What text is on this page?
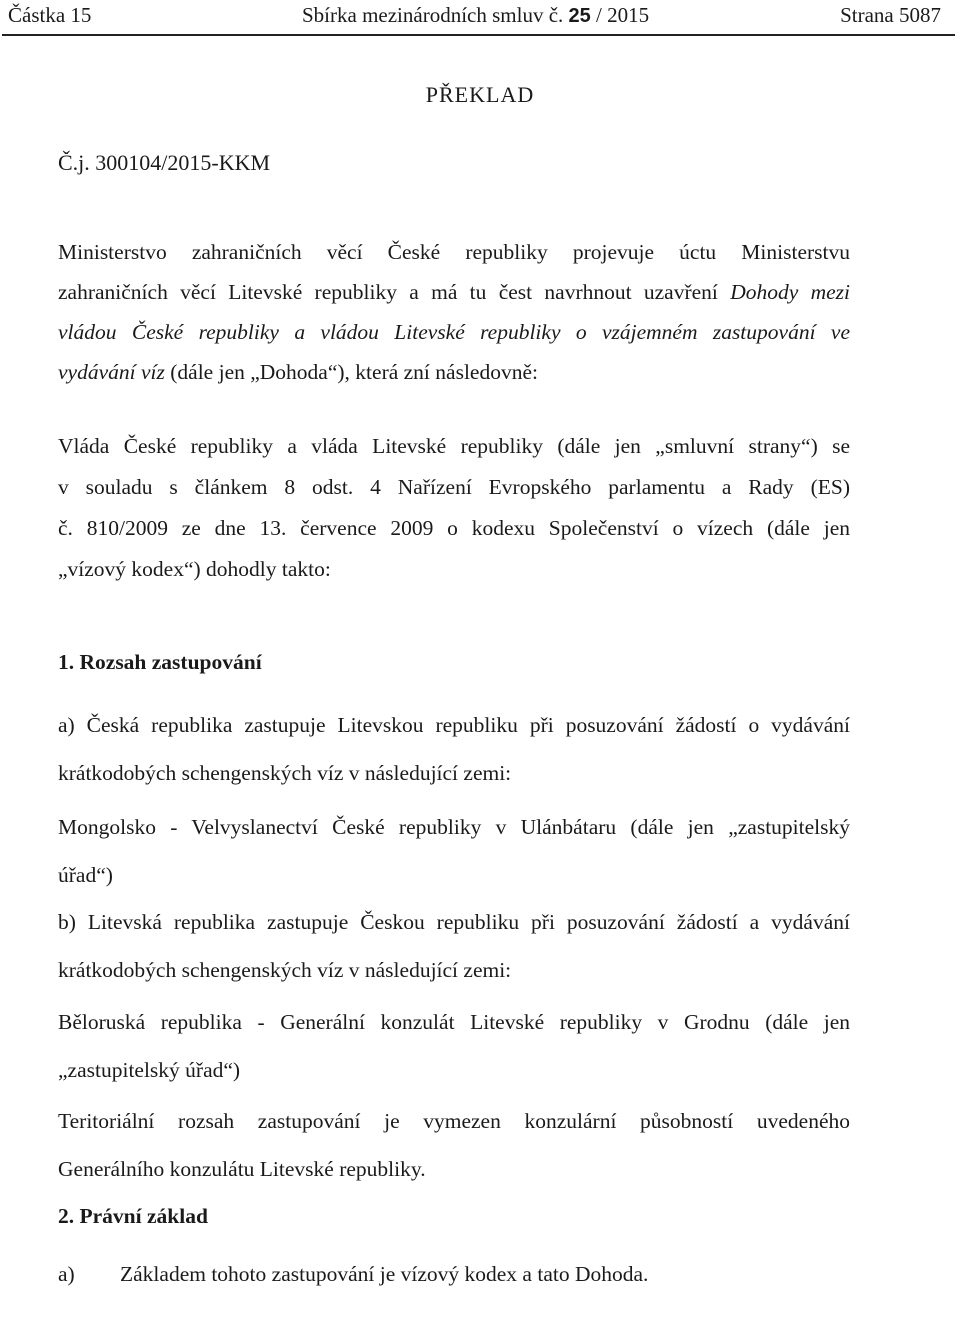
Částka 15	Sbírka mezinárodních smluv č. 25 / 2015	Strana 5087
PŘEKLAD
Č.j. 300104/2015-KKM
Ministerstvo zahraničních věcí České republiky projevuje úctu Ministerstvu
zahraničních věcí Litevské republiky a má tu čest navrhnout uzavření Dohody mezi
vládou České republiky a vládou Litevské republiky o vzájemném zastupování ve
vydávání víz (dále jen „Dohoda“), která zní následovně:
Vláda České republiky a vláda Litevské republiky (dále jen „smluvní strany“) se
v souladu s článkem 8 odst. 4 Nařízení Evropského parlamentu a Rady (ES)
č. 810/2009 ze dne 13. července 2009 o kodexu Společenství o vízech (dále jen
„vízový kodex“) dohodly takto:
1. Rozsah zastupování
a) Česká republika zastupuje Litevskou republiku při posuzování žádostí o vydávání
krátkodobých schengenských víz v následující zemi:
Mongolsko - Velvyslanectví České republiky v Ulánbátaru (dále jen „zastupitelský
úřad“)
b) Litevská republika zastupuje Českou republiku při posuzování žádostí a vydávání
krátkodobých schengenských víz v následující zemi:
Běloruská republika - Generální konzulát Litevské republiky v Grodnu (dále jen
„zastupitelský úřad“)
Teritoriální rozsah zastupování je vymezen konzulární působností uvedeného
Generálního konzulátu Litevské republiky.
2. Právní základ
a) Základem tohoto zastupování je vízový kodex a tato Dohoda.
